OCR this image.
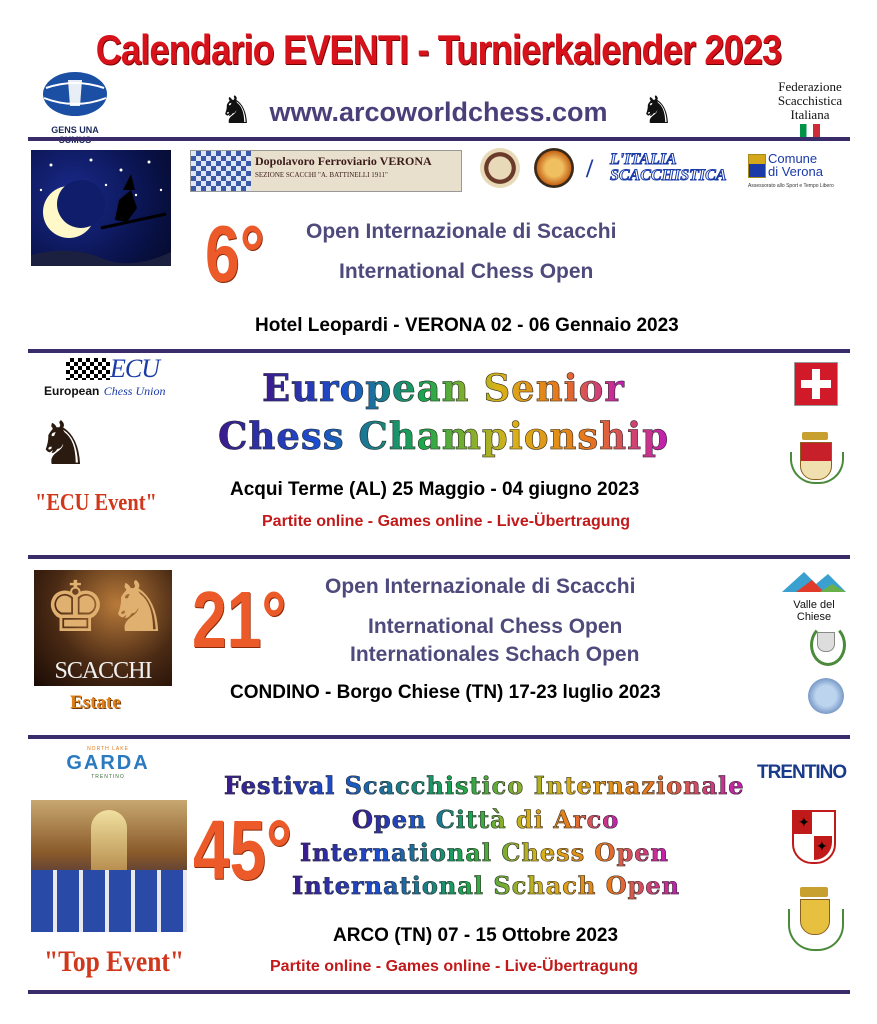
Calendario EVENTI - Turnierkalender 2023
GENS UNA	♞ www.arcoworldchess.com ♞
Federazione
Scacchistica
Italiana
Dopolavoro Ferroviario VERONA
SEZIONE SCACCHI "A. BATTINELLI 1911"	/	L'ITALIA SCACCHISTICA
Comune
di Verona
Assessorato allo Sport e Tempo Libero
6° Open Internazionale di Scacchi
International Chess Open
Hotel Leopardi - VERONA 02 - 06 Gennaio 2023
ECU
European Chess Union
♞
"ECU Event"
European Senior
Chess Championship
Acqui Terme (AL) 25 Maggio - 04 giugno 2023
Partite online - Games online - Live-Übertragung
♚♞
SCACCHI
Estate
21° Open Internazionale di Scacchi
International Chess Open
Internationales Schach Open
CONDINO - Borgo Chiese (TN) 17-23 luglio 2023
Valle del Chiese
NORTH LAKE
GARDA
TRENTINO
"Top Event"
45°
Festival Scacchistico Internazionale
Open Città di Arco
International Chess Open
International Schach Open
ARCO (TN) 07 - 15 Ottobre 2023
Partite online - Games online - Live-Übertragung
TRENTINO
✦
✦
